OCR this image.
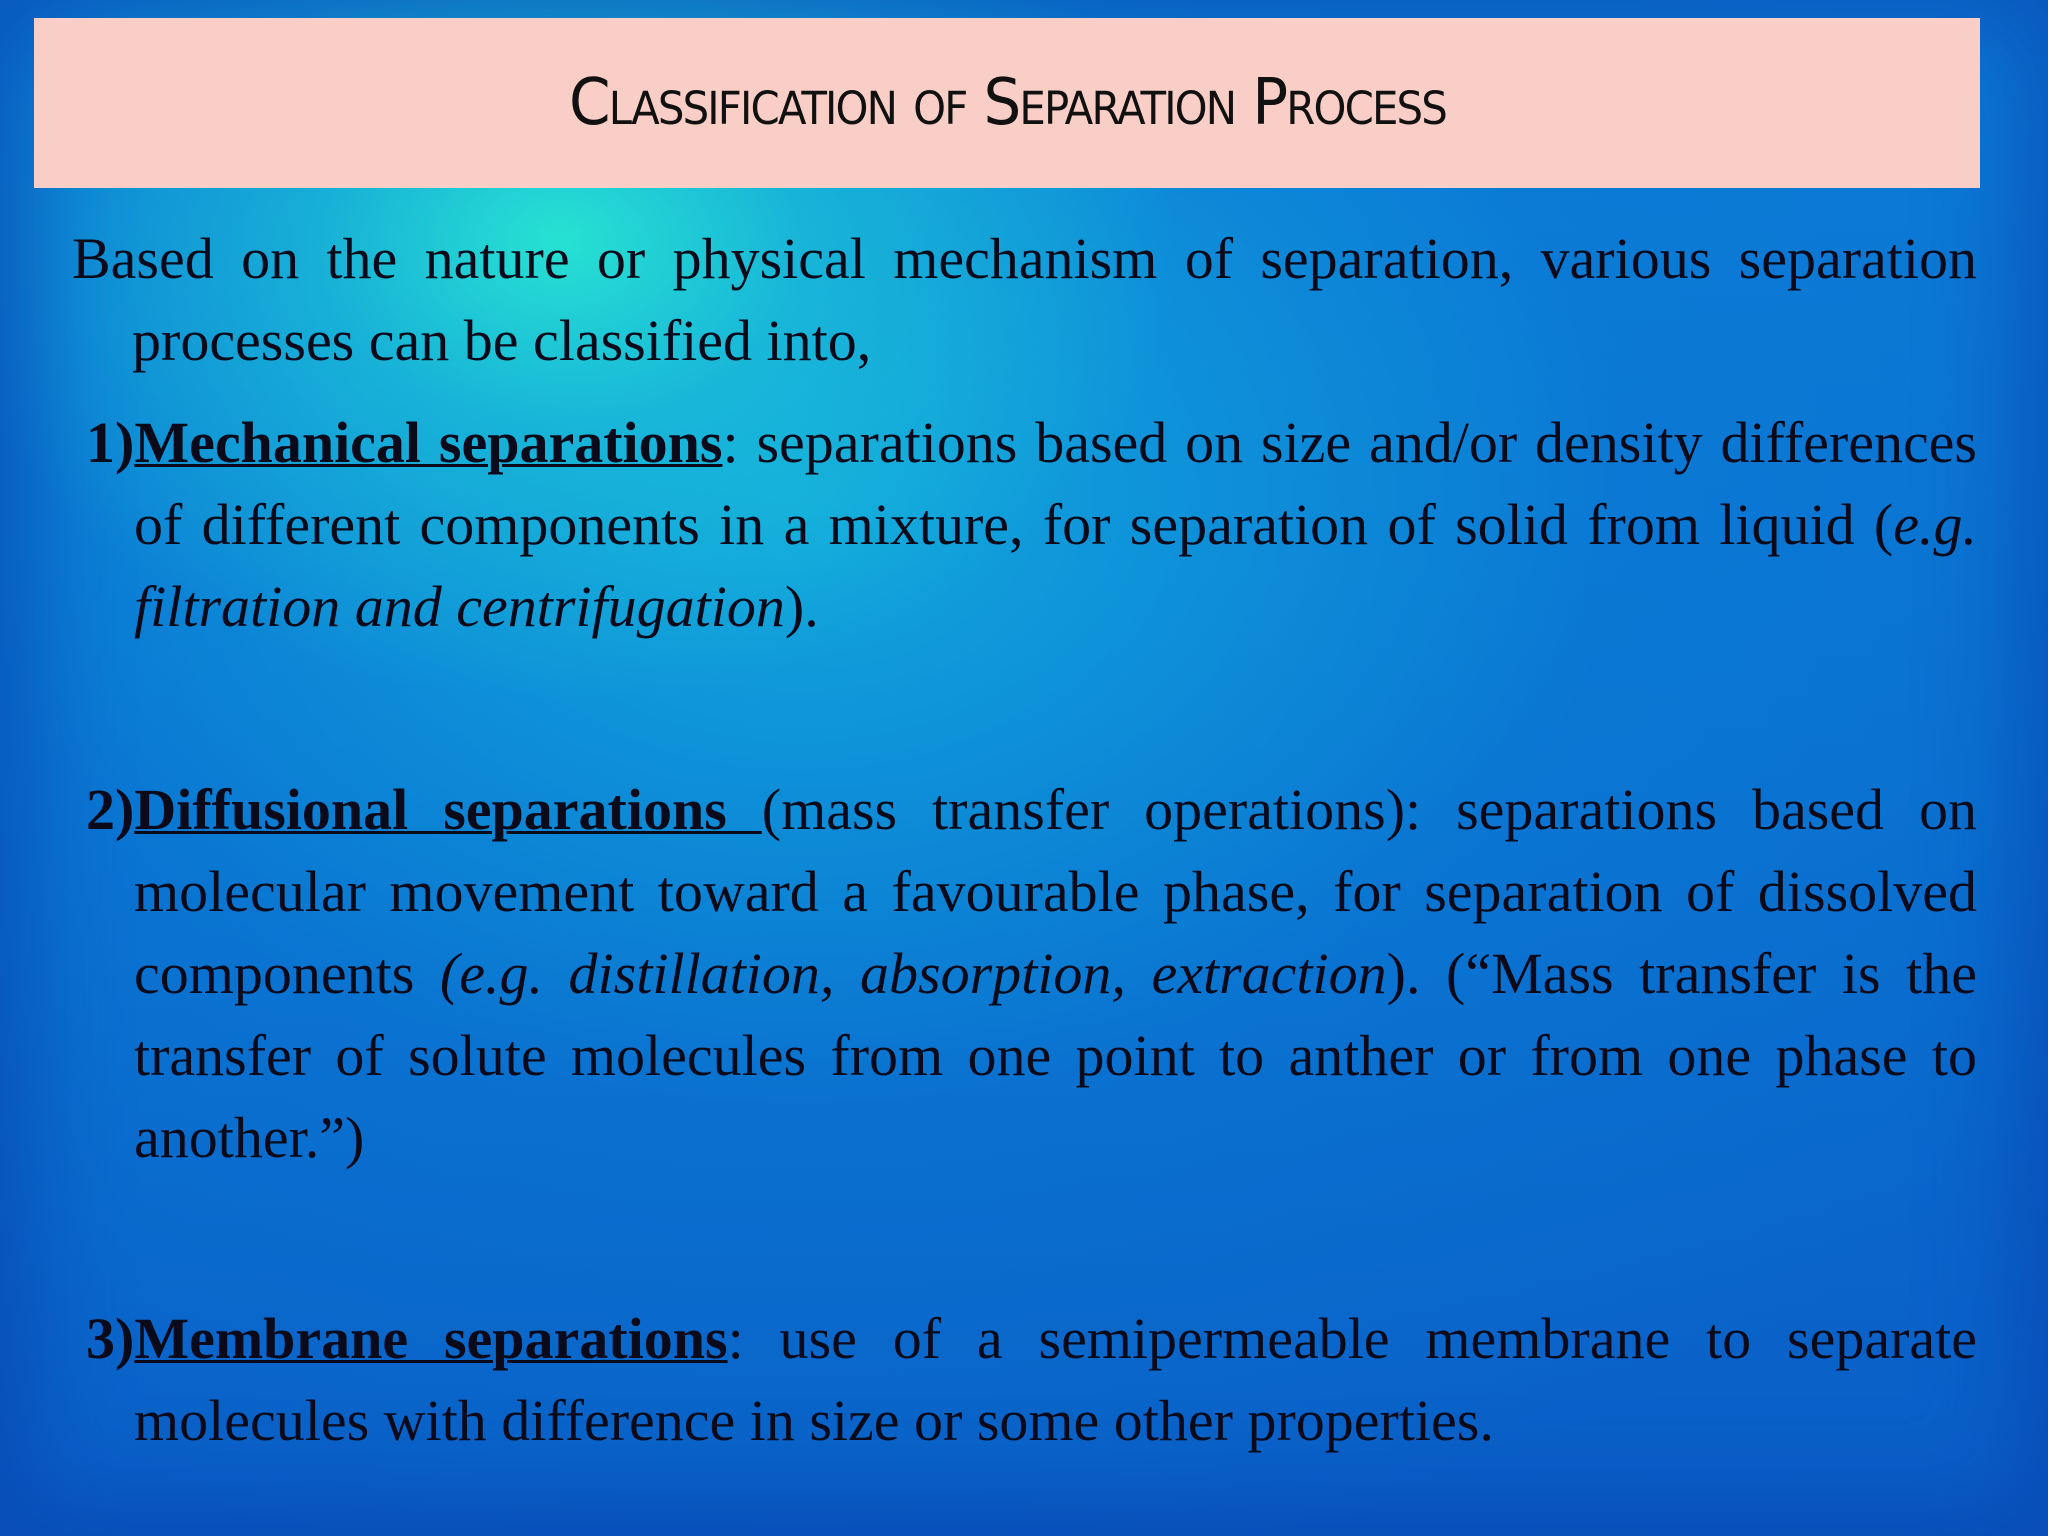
Classification of Separation Process

Based on the nature or physical mechanism of separation, various separation processes can be classified into,

1)Mechanical separations: separations based on size and/or density differences of different components in a mixture, for separation of solid from liquid (e.g. filtration and centrifugation).

2)Diffusional separations (mass transfer operations): separations based on molecular movement toward a favourable phase, for separation of dissolved components (e.g. distillation, absorption, extraction). (“Mass transfer is the transfer of solute molecules from one point to anther or from one phase to another.”)

3)Membrane separations: use of a semipermeable membrane to separate molecules with difference in size or some other properties.
